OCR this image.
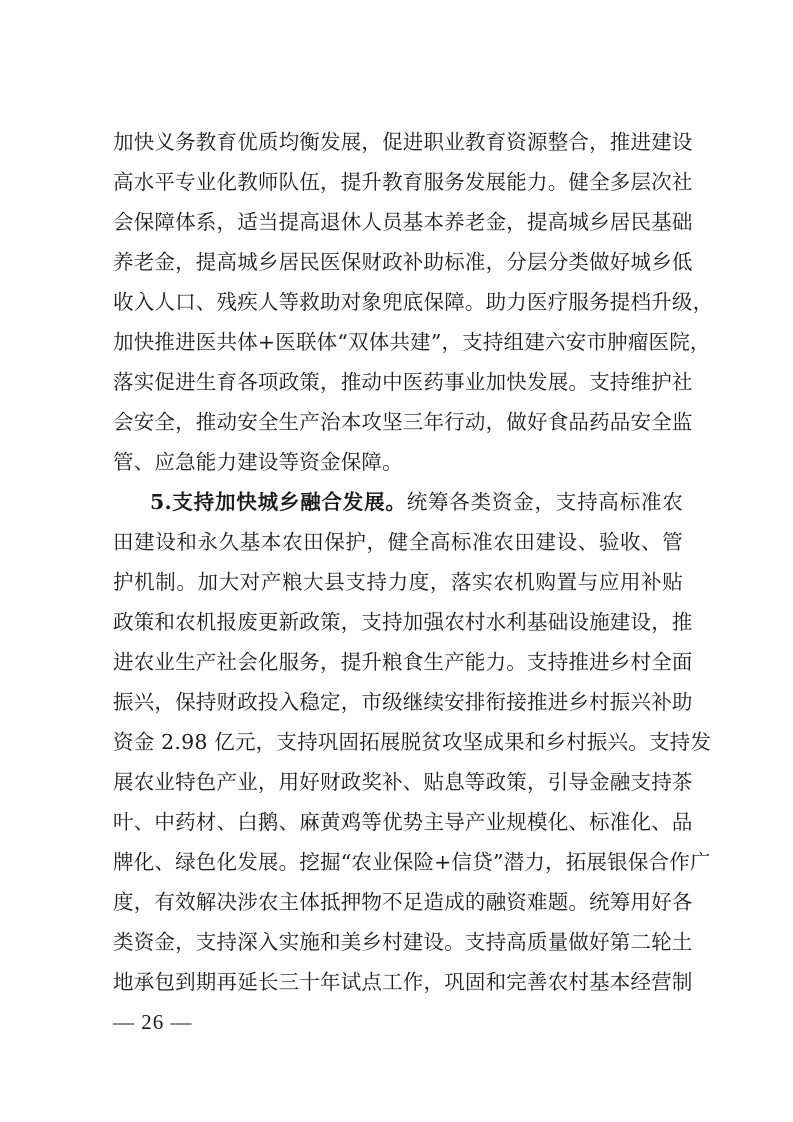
加快义务教育优质均衡发展，促进职业教育资源整合，推进建设
高水平专业化教师队伍，提升教育服务发展能力。健全多层次社
会保障体系，适当提高退休人员基本养老金，提高城乡居民基础
养老金，提高城乡居民医保财政补助标准，分层分类做好城乡低
收入人口、残疾人等救助对象兜底保障。助力医疗服务提档升级，
加快推进医共体+医联体“双体共建”，支持组建六安市肿瘤医院，
落实促进生育各项政策，推动中医药事业加快发展。支持维护社
会安全，推动安全生产治本攻坚三年行动，做好食品药品安全监
管、应急能力建设等资金保障。
5.支持加快城乡融合发展。统筹各类资金，支持高标准农
田建设和永久基本农田保护，健全高标准农田建设、验收、管
护机制。加大对产粮大县支持力度，落实农机购置与应用补贴
政策和农机报废更新政策，支持加强农村水利基础设施建设，推
进农业生产社会化服务，提升粮食生产能力。支持推进乡村全面
振兴，保持财政投入稳定，市级继续安排衔接推进乡村振兴补助
资金 2.98 亿元，支持巩固拓展脱贫攻坚成果和乡村振兴。支持发
展农业特色产业，用好财政奖补、贴息等政策，引导金融支持茶
叶、中药材、白鹅、麻黄鸡等优势主导产业规模化、标准化、品
牌化、绿色化发展。挖掘“农业保险+信贷”潜力，拓展银保合作广
度，有效解决涉农主体抵押物不足造成的融资难题。统筹用好各
类资金，支持深入实施和美乡村建设。支持高质量做好第二轮土
地承包到期再延长三十年试点工作，巩固和完善农村基本经营制
— 26 —
